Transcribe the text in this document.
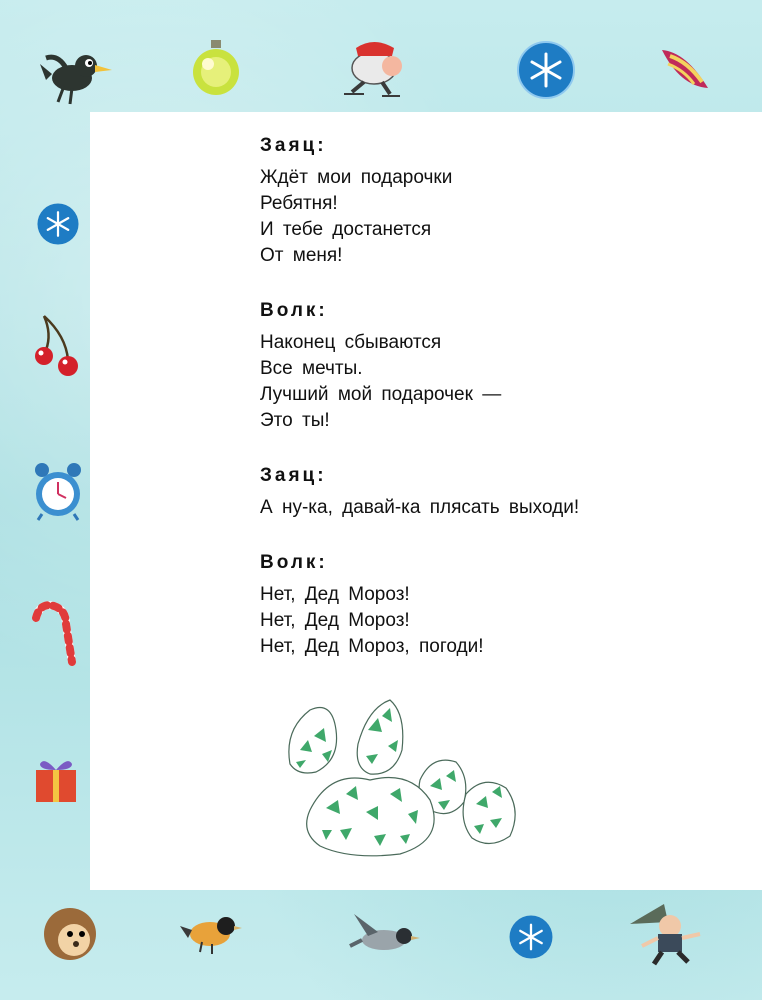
Заяц:
Ждёт мои подарочки
Ребятня!
И тебе достанется
От меня!
Волк:
Наконец сбываются
Все мечты.
Лучший мой подарочек —
Это ты!
Заяц:
А ну-ка, давай-ка плясать выходи!
Волк:
Нет, Дед Мороз!
Нет, Дед Мороз!
Нет, Дед Мороз, погоди!
